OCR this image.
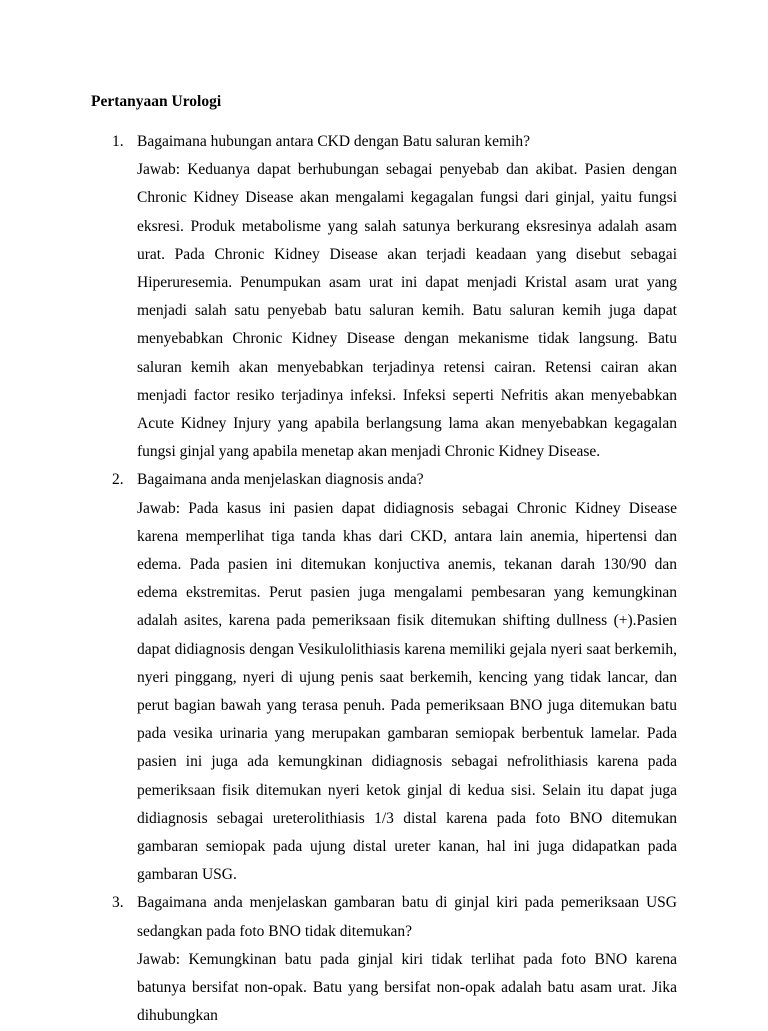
Pertanyaan Urologi
1. Bagaimana hubungan antara CKD dengan Batu saluran kemih?
Jawab: Keduanya dapat berhubungan sebagai penyebab dan akibat. Pasien dengan Chronic Kidney Disease akan mengalami kegagalan fungsi dari ginjal, yaitu fungsi eksresi. Produk metabolisme yang salah satunya berkurang eksresinya adalah asam urat. Pada Chronic Kidney Disease akan terjadi keadaan yang disebut sebagai Hiperuresemia. Penumpukan asam urat ini dapat menjadi Kristal asam urat yang menjadi salah satu penyebab batu saluran kemih. Batu saluran kemih juga dapat menyebabkan Chronic Kidney Disease dengan mekanisme tidak langsung. Batu saluran kemih akan menyebabkan terjadinya retensi cairan. Retensi cairan akan menjadi factor resiko terjadinya infeksi. Infeksi seperti Nefritis akan menyebabkan Acute Kidney Injury yang apabila berlangsung lama akan menyebabkan kegagalan fungsi ginjal yang apabila menetap akan menjadi Chronic Kidney Disease.
2. Bagaimana anda menjelaskan diagnosis anda?
Jawab: Pada kasus ini pasien dapat didiagnosis sebagai Chronic Kidney Disease karena memperlihat tiga tanda khas dari CKD, antara lain anemia, hipertensi dan edema. Pada pasien ini ditemukan konjuctiva anemis, tekanan darah 130/90 dan edema ekstremitas. Perut pasien juga mengalami pembesaran yang kemungkinan adalah asites, karena pada pemeriksaan fisik ditemukan shifting dullness (+).Pasien dapat didiagnosis dengan Vesikulolithiasis karena memiliki gejala nyeri saat berkemih, nyeri pinggang, nyeri di ujung penis saat berkemih, kencing yang tidak lancar, dan perut bagian bawah yang terasa penuh. Pada pemeriksaan BNO juga ditemukan batu pada vesika urinaria yang merupakan gambaran semiopak berbentuk lamelar. Pada pasien ini juga ada kemungkinan didiagnosis sebagai nefrolithiasis karena pada pemeriksaan fisik ditemukan nyeri ketok ginjal di kedua sisi. Selain itu dapat juga didiagnosis sebagai ureterolithiasis 1/3 distal karena pada foto BNO ditemukan gambaran semiopak pada ujung distal ureter kanan, hal ini juga didapatkan pada gambaran USG.
3. Bagaimana anda menjelaskan gambaran batu di ginjal kiri pada pemeriksaan USG sedangkan pada foto BNO tidak ditemukan?
Jawab: Kemungkinan batu pada ginjal kiri tidak terlihat pada foto BNO karena batunya bersifat non-opak. Batu yang bersifat non-opak adalah batu asam urat. Jika dihubungkan
